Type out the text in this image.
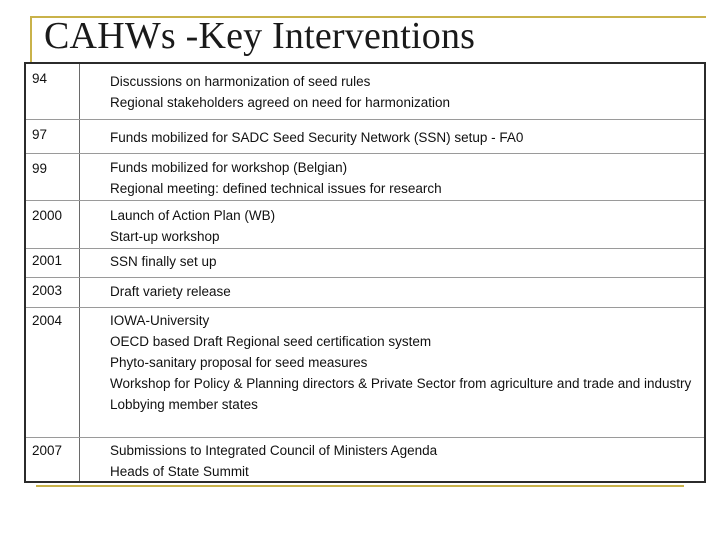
CAHWs -Key Interventions
94	Discussions on harmonization of seed rules
Regional stakeholders agreed on need for harmonization
97	Funds mobilized for SADC Seed Security Network (SSN) setup - FA0
99	Funds mobilized for workshop (Belgian)
Regional meeting: defined technical issues for research
2000	Launch of Action Plan (WB)
Start-up workshop
2001	SSN finally set up
2003	Draft variety release
2004	IOWA-University
OECD based Draft Regional seed certification system
Phyto-sanitary proposal for seed measures
Workshop for Policy & Planning directors & Private Sector from agriculture and trade and industry
Lobbying member states
2007	Submissions to Integrated Council of Ministers Agenda
Heads of State Summit
